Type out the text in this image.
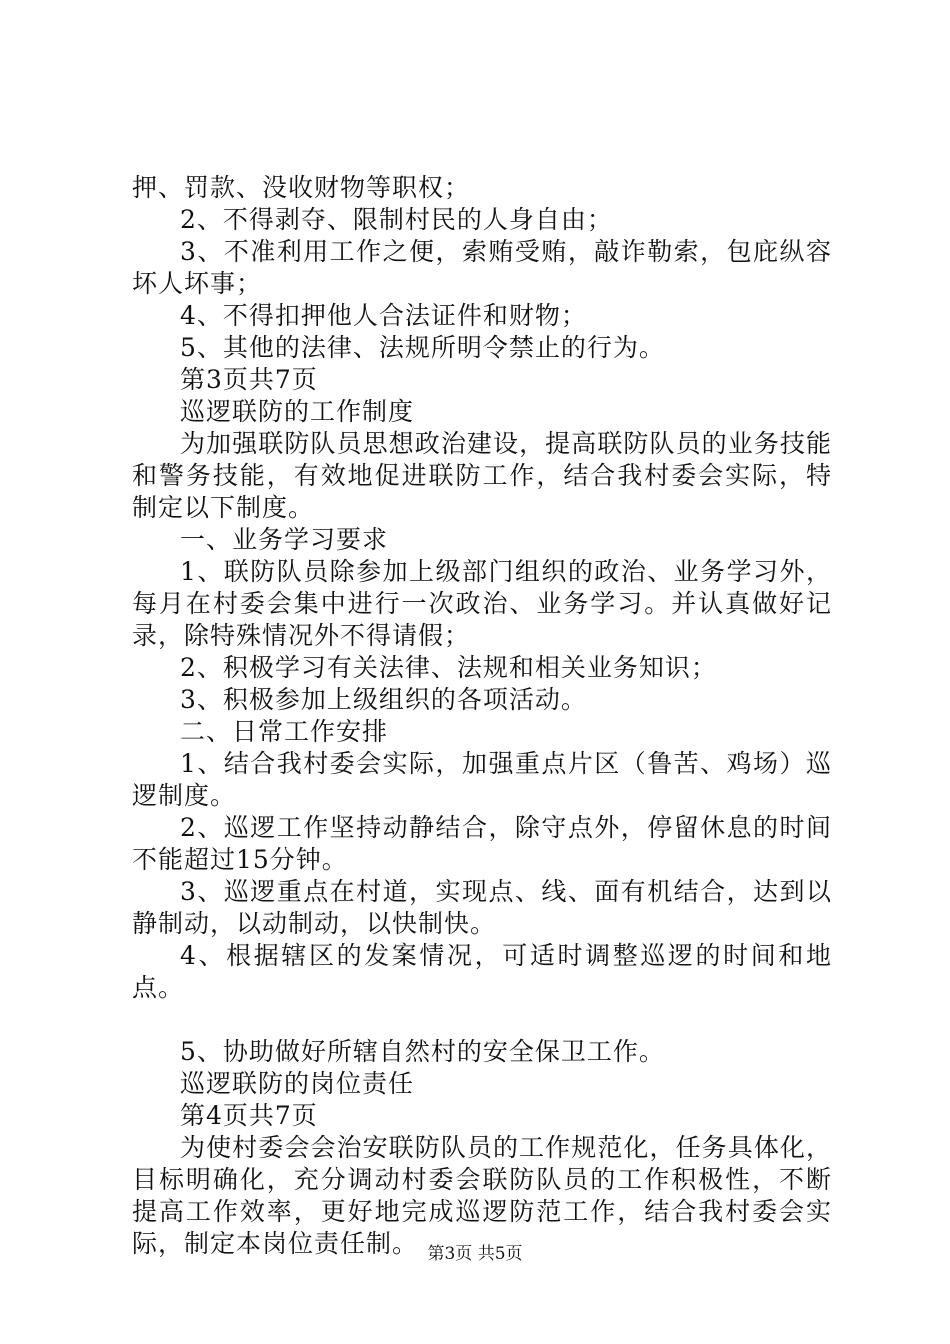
押、罚款、没收财物等职权；

2、不得剥夺、限制村民的人身自由；

3、不准利用工作之便，索贿受贿，敲诈勒索，包庇纵容坏人坏事；

4、不得扣押他人合法证件和财物；

5、其他的法律、法规所明令禁止的行为。

第3页共7页

巡逻联防的工作制度

为加强联防队员思想政治建设，提高联防队员的业务技能和警务技能，有效地促进联防工作，结合我村委会实际，特制定以下制度。

一、业务学习要求

1、联防队员除参加上级部门组织的政治、业务学习外，每月在村委会集中进行一次政治、业务学习。并认真做好记录，除特殊情况外不得请假；

2、积极学习有关法律、法规和相关业务知识；

3、积极参加上级组织的各项活动。

二、日常工作安排

1、结合我村委会实际，加强重点片区（鲁苦、鸡场）巡逻制度。

2、巡逻工作坚持动静结合，除守点外，停留休息的时间不能超过15分钟。

3、巡逻重点在村道，实现点、线、面有机结合，达到以静制动，以动制动，以快制快。

4、根据辖区的发案情况，可适时调整巡逻的时间和地点。

5、协助做好所辖自然村的安全保卫工作。

巡逻联防的岗位责任

第4页共7页

为使村委会会治安联防队员的工作规范化，任务具体化，目标明确化，充分调动村委会联防队员的工作积极性，不断提高工作效率，更好地完成巡逻防范工作，结合我村委会实际，制定本岗位责任制。 第3页 共5页
